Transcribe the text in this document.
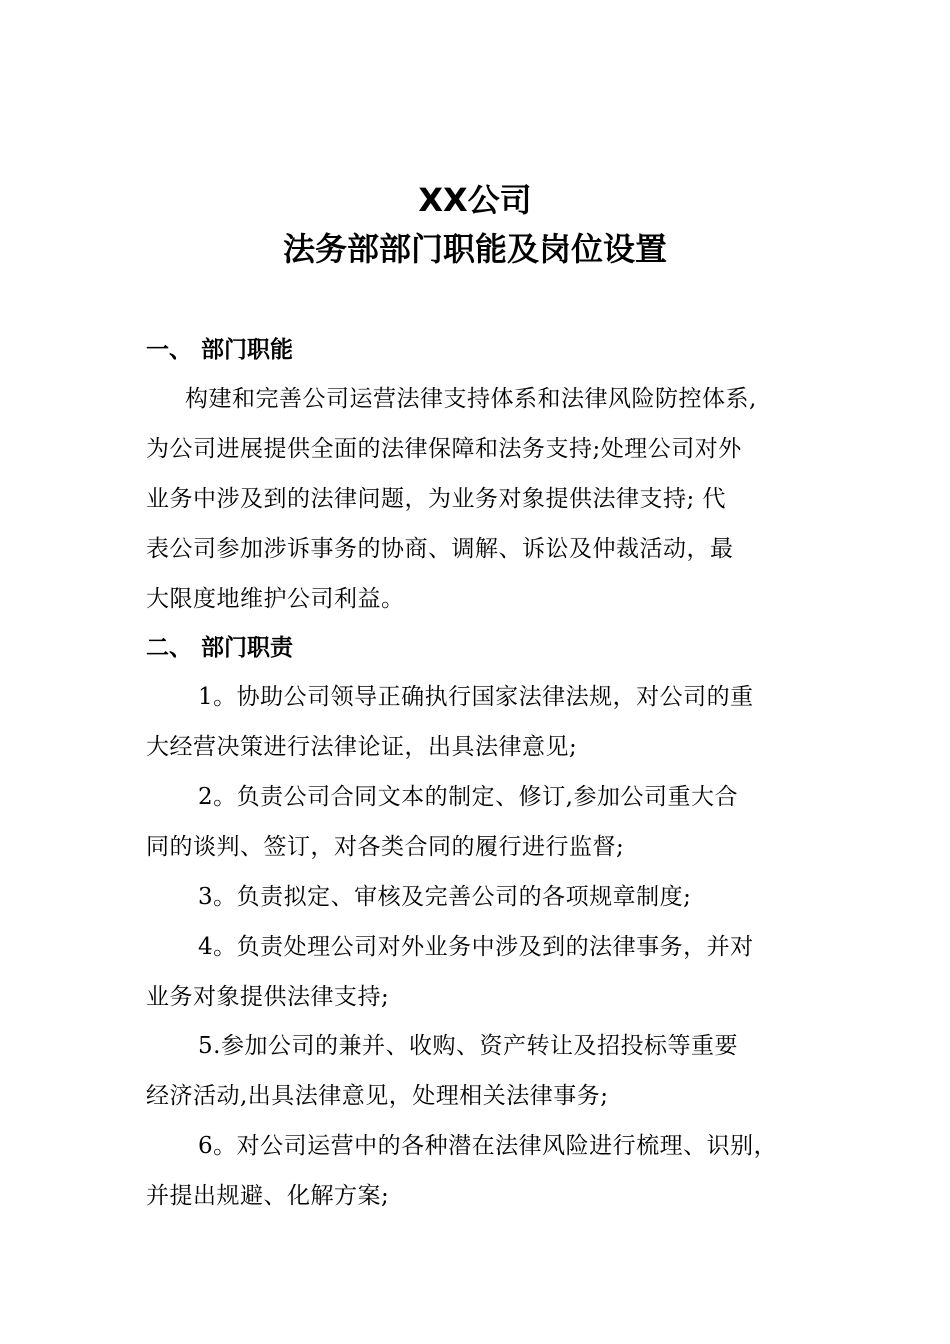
XX公司
法务部部门职能及岗位设置
一、 部门职能

构建和完善公司运营法律支持体系和法律风险防控体系,

为公司进展提供全面的法律保障和法务支持;处理公司对外

业务中涉及到的法律问题，为业务对象提供法律支持; 代

表公司参加涉诉事务的协商、调解、诉讼及仲裁活动，最

大限度地维护公司利益。

二、 部门职责

1。协助公司领导正确执行国家法律法规，对公司的重

大经营决策进行法律论证，出具法律意见;

2。负责公司合同文本的制定、修订,参加公司重大合

同的谈判、签订，对各类合同的履行进行监督;

3。负责拟定、审核及完善公司的各项规章制度;

4。负责处理公司对外业务中涉及到的法律事务，并对

业务对象提供法律支持;

5.参加公司的兼并、收购、资产转让及招投标等重要

经济活动,出具法律意见，处理相关法律事务;

6。对公司运营中的各种潜在法律风险进行梳理、识别，

并提出规避、化解方案;
